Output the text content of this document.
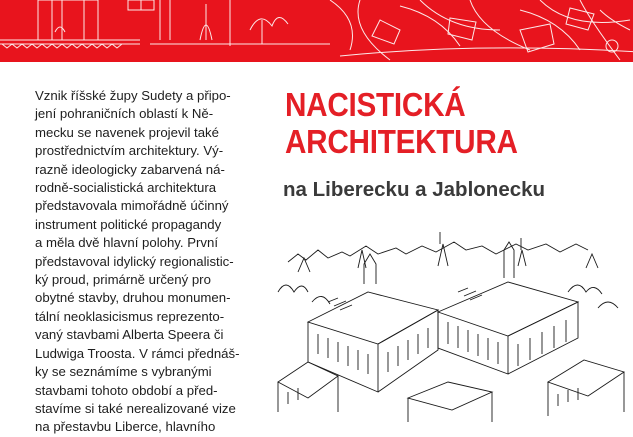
Vznik říšské župy Sudety a připo-
jení pohraničních oblastí k Ně-
mecku se navenek projevil také
prostřednictvím architektury. Vý-
razně ideologicky zabarvená ná-
rodně-socialistická architektura
představovala mimořádně účinný
instrument politické propagandy
a měla dvě hlavní polohy. První
představoval idylický regionalistic-
ký proud, primárně určený pro
obytné stavby, druhou monumen-
tální neoklasicismus reprezento-
vaný stavbami Alberta Speera či
Ludwiga Troosta. V rámci přednáš-
ky se seznámíme s vybranými
stavbami tohoto období a před-
stavíme si také nerealizované vize
na přestavbu Liberce, hlavního

NACISTICKÁ
ARCHITEKTURA
na Liberecku a Jablonecku
